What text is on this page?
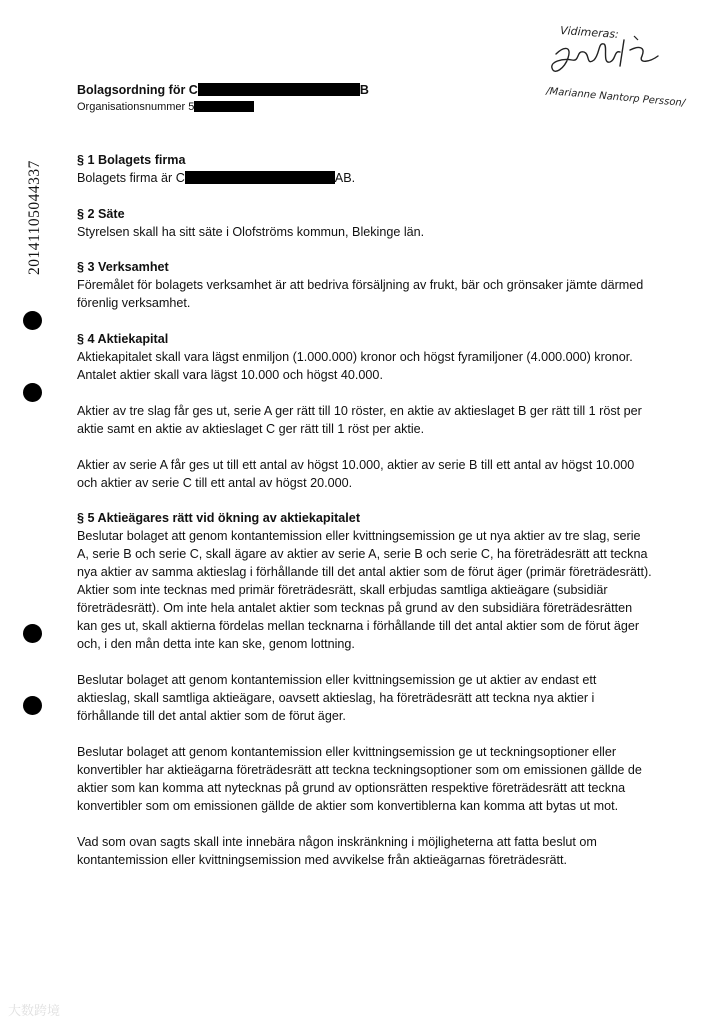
Vidimeras:
/Marianne Nantorp Persson/
Bolagsordning för C	B
Organisationsnummer 5
20141105044337
§ 1 Bolagets firma

Bolagets firma är C	AB.

§ 2 Säte

Styrelsen skall ha sitt säte i Olofströms kommun, Blekinge län.

§ 3 Verksamhet

Föremålet för bolagets verksamhet är att bedriva försäljning av frukt, bär och grönsaker jämte därmed förenlig verksamhet.

§ 4 Aktiekapital

Aktiekapitalet skall vara lägst enmiljon (1.000.000) kronor och högst fyramiljoner (4.000.000) kronor. Antalet aktier skall vara lägst 10.000 och högst 40.000.

Aktier av tre slag får ges ut, serie A ger rätt till 10 röster, en aktie av aktieslaget B ger rätt till 1 röst per aktie samt en aktie av aktieslaget C ger rätt till 1 röst per aktie.

Aktier av serie A får ges ut till ett antal av högst 10.000, aktier av serie B till ett antal av högst 10.000 och aktier av serie C till ett antal av högst 20.000.

§ 5 Aktieägares rätt vid ökning av aktiekapitalet

Beslutar bolaget att genom kontantemission eller kvittningsemission ge ut nya aktier av tre slag, serie A, serie B och serie C, skall ägare av aktier av serie A, serie B och serie C, ha företrädesrätt att teckna nya aktier av samma aktieslag i förhållande till det antal aktier som de förut äger (primär företrädesrätt). Aktier som inte tecknas med primär företrädesrätt, skall erbjudas samtliga aktieägare (subsidiär företrädesrätt). Om inte hela antalet aktier som tecknas på grund av den subsidiära företrädesrätten kan ges ut, skall aktierna fördelas mellan tecknarna i förhållande till det antal aktier som de förut äger och, i den mån detta inte kan ske, genom lottning.

Beslutar bolaget att genom kontantemission eller kvittningsemission ge ut aktier av endast ett aktieslag, skall samtliga aktieägare, oavsett aktieslag, ha företrädesrätt att teckna nya aktier i förhållande till det antal aktier som de förut äger.

Beslutar bolaget att genom kontantemission eller kvittningsemission ge ut teckningsoptioner eller konvertibler har aktieägarna företrädesrätt att teckna teckningsoptioner som om emissionen gällde de aktier som kan komma att nytecknas på grund av optionsrätten respektive företrädesrätt att teckna konvertibler som om emissionen gällde de aktier som konvertiblerna kan komma att bytas ut mot.

Vad som ovan sagts skall inte innebära någon inskränkning i möjligheterna att fatta beslut om kontantemission eller kvittningsemission med avvikelse från aktieägarnas företrädesrätt.

大数跨境
